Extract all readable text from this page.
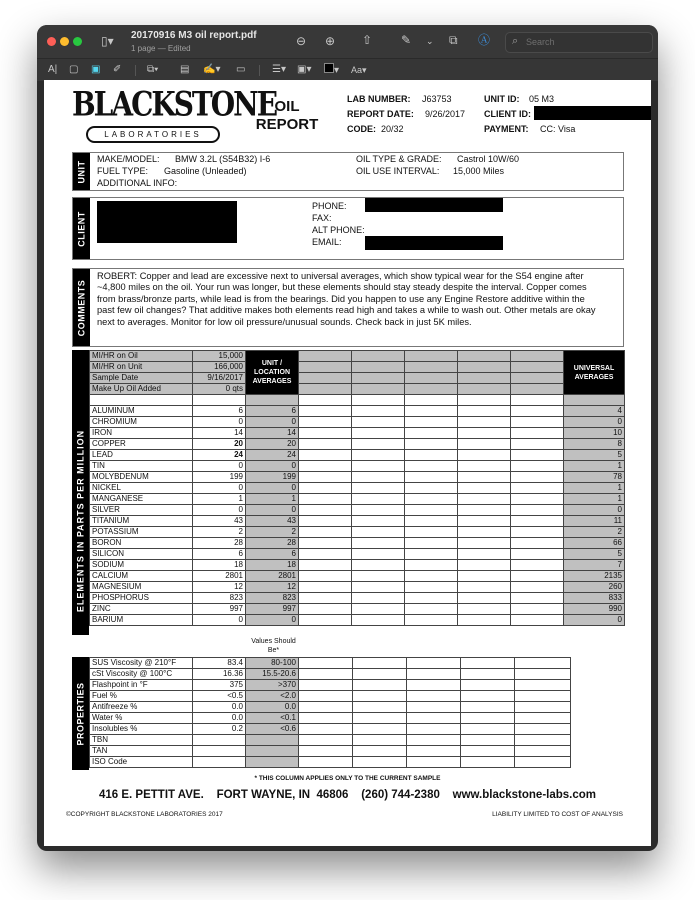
▯▾ 20170916 M3 oil report.pdf
1 page — Edited
⊖ ⊕ ⇧ ✎ ⌄ ⧉ Ⓐ ⌕ Search
A| ▢ ▣ ✐	⧉▾ ▤ ✍▾ ▭	☰▾ ▣▾	▾ Aa▾
BLACKSTONE
LABORATORIES
OIL
REPORT
LAB NUMBER: J63753
REPORT DATE: 9/26/2017
CODE: 20/32
UNIT ID: 05 M3
CLIENT ID:
PAYMENT: CC: Visa
UNIT
MAKE/MODEL: BMW 3.2L (S54B32) I-6
FUEL TYPE: Gasoline (Unleaded)
ADDITIONAL INFO:
OIL TYPE & GRADE: Castrol 10W/60
OIL USE INTERVAL: 15,000 Miles
CLIENT
PHONE:
FAX:
ALT PHONE:
EMAIL:
COMMENTS
ROBERT: Copper and lead are excessive next to universal averages, which show typical wear for the S54 engine after ~4,800 miles on the oil. Your run was longer, but these elements should stay steady despite the interval. Copper comes from brass/bronze parts, while lead is from the bearings. Did you happen to use any Engine Restore additive within the past few oil changes? That additive makes both elements read high and takes a while to wash out. Other metals are okay next to averages. Monitor for low oil pressure/unusual sounds. Check back in just 5K miles.
ELEMENTS IN PARTS PER MILLION
MI/HR on Oil	15,000	UNIT / LOCATION AVERAGES						UNIVERSAL AVERAGES
MI/HR on Unit	166,000							
Sample Date	9/16/2017							
Make Up Oil Added	0 qts							

ALUMINUM	6	6						4
CHROMIUM	0	0						0
IRON	14	14						10
COPPER	20	20						8
LEAD	24	24						5
TIN	0	0						1
MOLYBDENUM	199	199						78
NICKEL	0	0						1
MANGANESE	1	1						1
SILVER	0	0						0
TITANIUM	43	43						11
POTASSIUM	2	2						2
BORON	28	28						66
SILICON	6	6						5
SODIUM	18	18						7
CALCIUM	2801	2801						2135
MAGNESIUM	12	12						260
PHOSPHORUS	823	823						833
ZINC	997	997						990
BARIUM	0	0						0
Values Should Be*
PROPERTIES
SUS Viscosity @ 210°F	83.4	80-100					
cSt Viscosity @ 100°C	16.36	15.5-20.6					
Flashpoint in °F	375	>370					
Fuel %	<0.5	<2.0					
Antifreeze %	0.0	0.0					
Water %	0.0	<0.1					
Insolubles %	0.2	<0.6					
TBN							
TAN							
ISO Code							
* THIS COLUMN APPLIES ONLY TO THE CURRENT SAMPLE
416 E. PETTIT AVE.    FORT WAYNE, IN  46806    (260) 744-2380    www.blackstone-labs.com
©COPYRIGHT BLACKSTONE LABORATORIES 2017	LIABILITY LIMITED TO COST OF ANALYSIS
